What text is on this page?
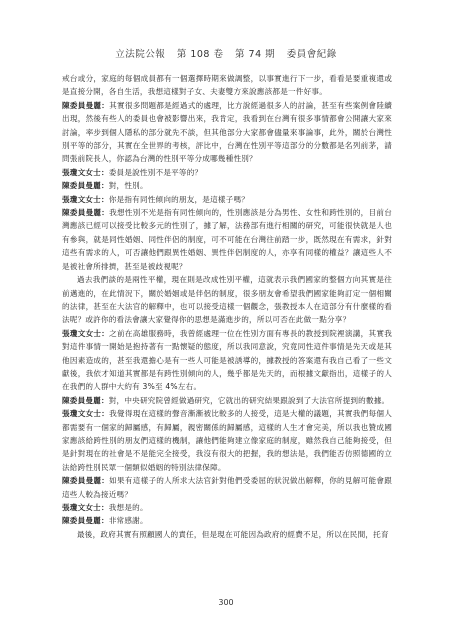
立法院公報 第 108 卷 第 74 期 委員會紀錄

戒台或分，家庭的每個成員都有一個選擇時期來做調整，以事實進行下一步，看看是要重複還或是直接分開，各自生活，我想這樣對子女、夫妻雙方來說應該都是一件好事。

陳委員曼麗：其實很多問題都是經過式的處理，比方說經過很多人的討論，甚至有些案例會陸續出現，然後有些人的委員也會被影響出來，我肯定，我看到在台灣有很多事情都會公開讓大家來討論，率步到個人隱私的部分就先不談，但其他部分大家都會儘量來事論事，此外，關於台灣性別平等的部分，其實在全世界的考核，評比中，台灣在性別平等這部分的分數都是名列前茅，請問張前院長人，你認為台灣的性別平等分成哪幾種性別？

張瓊文女士：委員是說性別不是平等的？

陳委員曼麗：對，性別。

張瓊文女士：你是指有同性傾向的朋友，是這樣子嗎？

陳委員曼麗：我想性別不光是指有同性傾向的，性別應該是分為男性、女性和跨性別的，目前台灣應該已經可以接受比較多元的性別了，據了解，法務部有進行相關的研究，可能很快就是人也有參與，就是同性婚姻、同性伴侶的制度，可不可能在台灣往前踏一步，既然現在有需求，針對這些有需求的人，可否讓他們跟異性婚姻、異性伴侶制度的人，亦享有同樣的權益？讓這些人不是被社會所排擠，甚至是被歧視呢？

過去我們談的是兩性平權，現在則是改成性別平權，這就表示我們國家的整個方向其實是往前邁進的，在此情況下，關於婚姻或是伴侶的制度，很多朋友會希望我們國家能夠訂定一個相關的法律，甚至在大法官的解釋中，也可以接受這樣一個觀念，張教授本人在這部分有什麼樣的看法呢？或許你的看法會讓大家覺得你的思想是滿進步的，所以可否在此做一點分享？

張瓊文女士：之前在高雄服務時，我曾經處理一位在性別方面有專長的教授到院裡演講，其實我對這件事情一開始是抱持著有一點懷疑的態度，所以我同意說，究竟同性這件事情是先天或是其他因素造成的，甚至我還擔心是有一些人可能是被誘導的，據教授的答案還有我自己看了一些文獻後，我依才知道其實都是有跨性別傾向的人，幾乎都是先天的，而根據文獻指出，這樣子的人在我們的人群中大約有 3%至 4%左右。

陳委員曼麗：對，中央研究院曾經做過研究，它就出的研究結果跟說到了大法官所提到的數據。

張瓊文女士：我覺得現在這樣的聲音漸漸被比較多的人接受，這是大權的議題，其實我們每個人都需要有一個家的歸屬感，有歸屬，親密關係的歸屬感，這樣的人生才會完美，所以我也贊成國家應該給跨性別的朋友們這樣的機制，讓他們能夠建立像家庭的制度，雖然我自己能夠接受，但是針對現在的社會是不是能完全接受，我沒有很大的把握，我的想法是，我們能否仿照德國的立法給跨性別民眾一個類似婚姻的特別法律保障。

陳委員曼麗：如果有這樣子的人所求大法官針對他們受委屈的狀況做出解釋，你的見解可能會跟這些人較為接近嗎？

張瓊文女士：我想是的。

陳委員曼麗：非常感謝。

最後，政府其實有照顧國人的責任，但是現在可能因為政府的經費不足，所以在民間，托育

300
